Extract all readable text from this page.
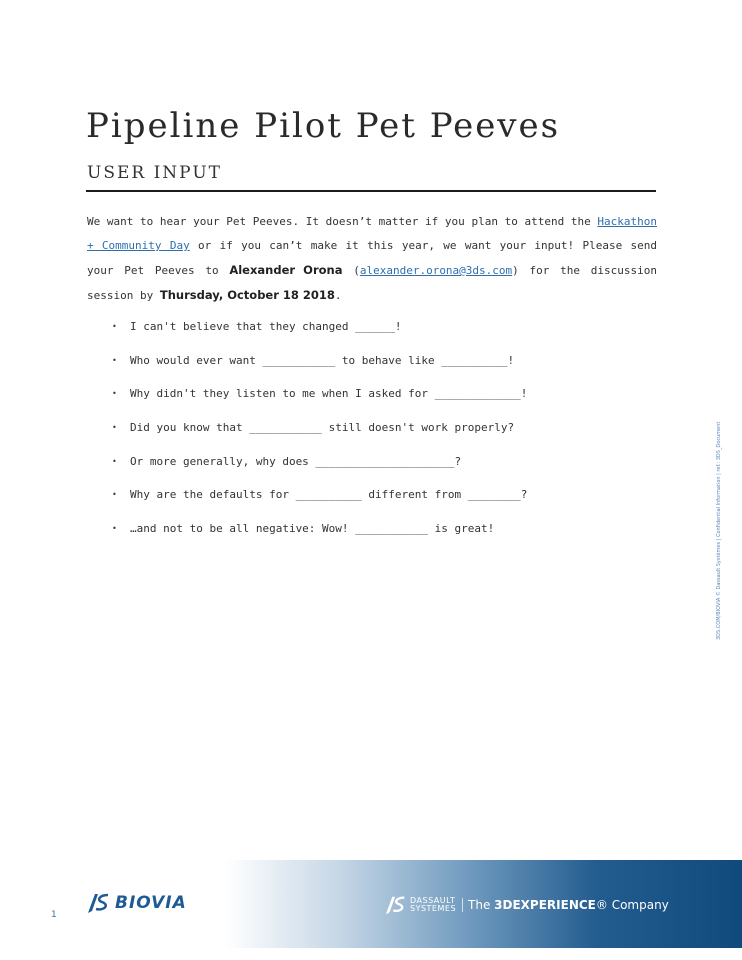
Pipeline Pilot Pet Peeves
USER INPUT
We want to hear your Pet Peeves. It doesn’t matter if you plan to attend the Hackathon + Community Day or if you can’t make it this year, we want your input! Please send your Pet Peeves to Alexander Orona (alexander.orona@3ds.com) for the discussion session by Thursday, October 18 2018.
• I can't believe that they changed ______!
• Who would ever want ___________ to behave like __________!
• Why didn't they listen to me when I asked for _____________!
• Did you know that ___________ still doesn't work properly?
• Or more generally, why does _____________________?
• Why are the defaults for __________ different from ________?
• …and not to be all negative: Wow! ___________ is great!	3DS.COM/BIOVIA © Dassault Systèmes | Confidential Information | ref.: 3DS_Document
1
BIOVIA	DASSAULT
SYSTEMES The 3DEXPERIENCE® Company
